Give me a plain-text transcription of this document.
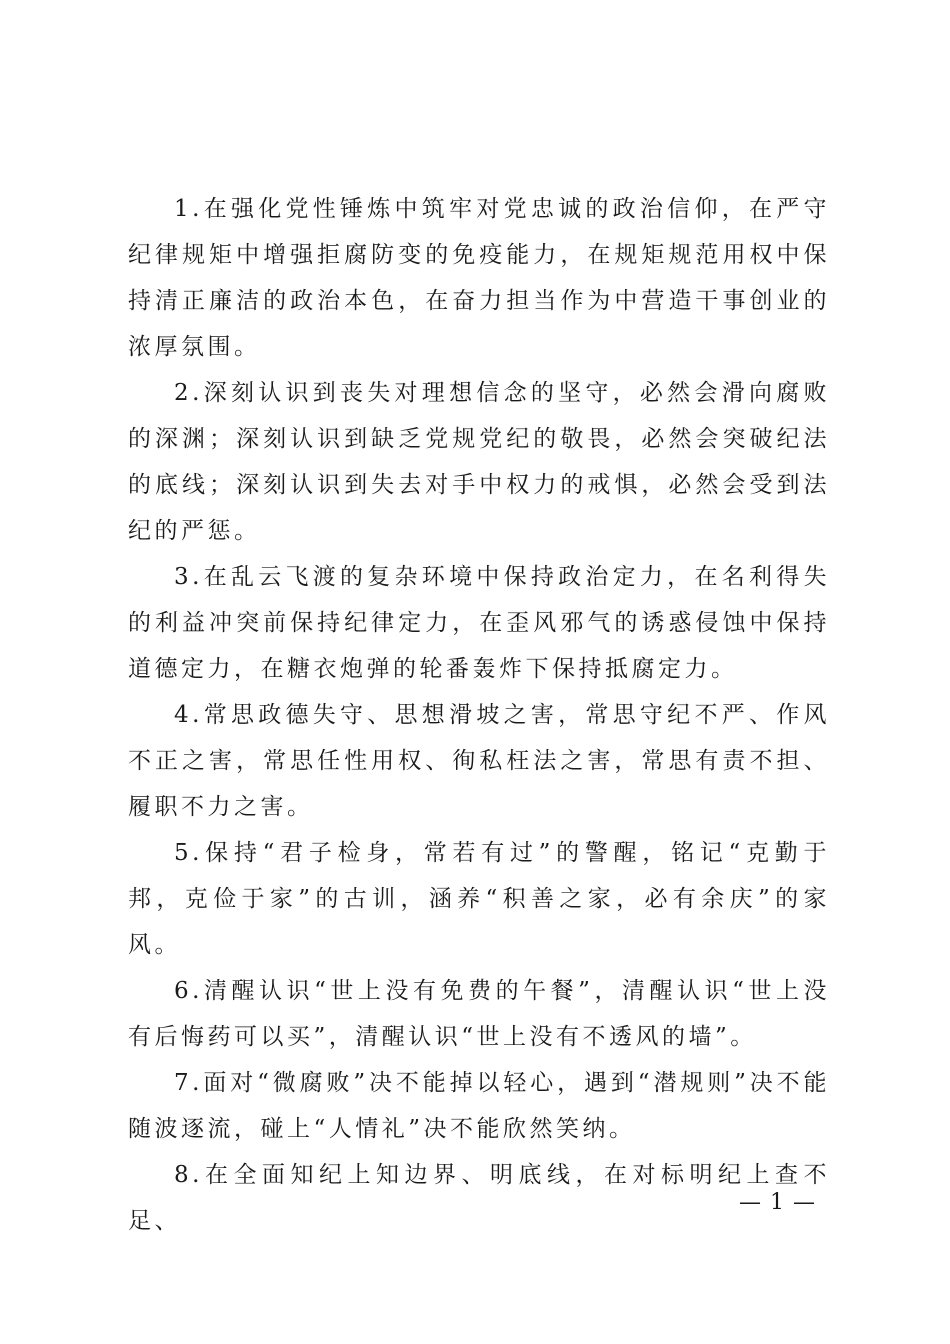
1.在强化党性锤炼中筑牢对党忠诚的政治信仰，在严守纪律规矩中增强拒腐防变的免疫能力，在规矩规范用权中保持清正廉洁的政治本色，在奋力担当作为中营造干事创业的浓厚氛围。

2.深刻认识到丧失对理想信念的坚守，必然会滑向腐败的深渊；深刻认识到缺乏党规党纪的敬畏，必然会突破纪法的底线；深刻认识到失去对手中权力的戒惧，必然会受到法纪的严惩。

3.在乱云飞渡的复杂环境中保持政治定力，在名利得失的利益冲突前保持纪律定力，在歪风邪气的诱惑侵蚀中保持道德定力，在糖衣炮弹的轮番轰炸下保持抵腐定力。

4.常思政德失守、思想滑坡之害，常思守纪不严、作风不正之害，常思任性用权、徇私枉法之害，常思有责不担、履职不力之害。

5.保持“君子检身，常若有过”的警醒，铭记“克勤于邦，克俭于家”的古训，涵养“积善之家，必有余庆”的家风。

6.清醒认识“世上没有免费的午餐”，清醒认识“世上没有后悔药可以买”，清醒认识“世上没有不透风的墙”。

7.面对“微腐败”决不能掉以轻心，遇到“潜规则”决不能随波逐流，碰上“人情礼”决不能欣然笑纳。

8.在全面知纪上知边界、明底线，在对标明纪上查不足、

— 1 —
